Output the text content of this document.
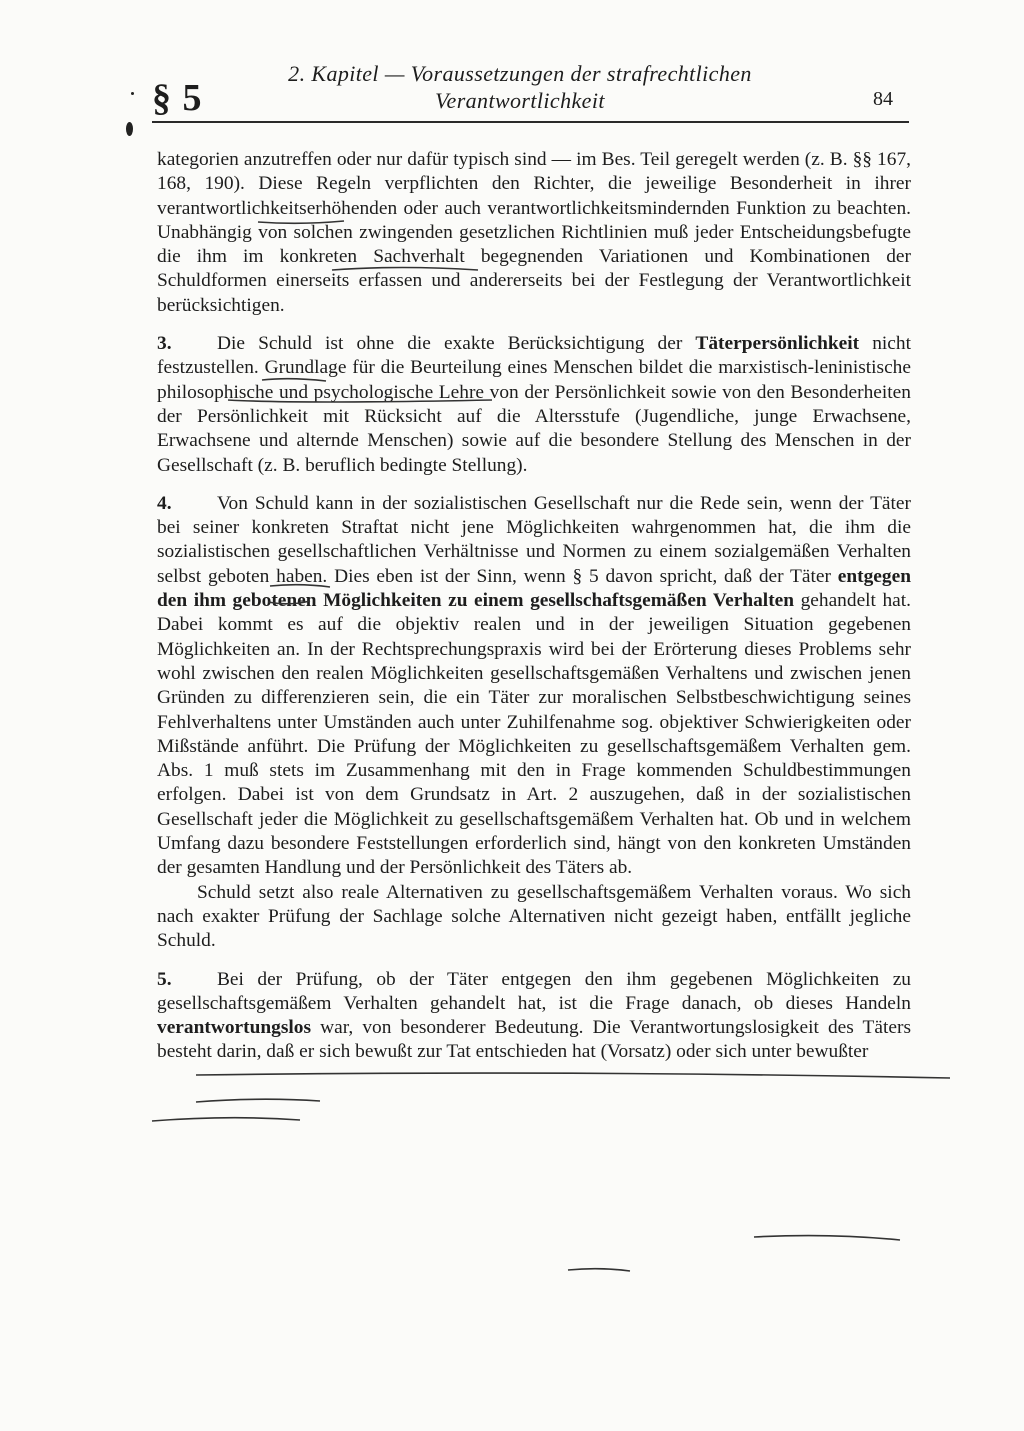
§ 5
2. Kapitel — Voraussetzungen der strafrechtlichen
Verantwortlichkeit	84

kategorien anzutreffen oder nur dafür typisch sind — im Bes. Teil geregelt werden (z. B. §§ 167, 168, 190). Diese Regeln verpflichten den Richter, die jeweilige Besonderheit in ihrer verantwortlichkeitserhöhenden oder auch verantwortlichkeitsmindernden Funktion zu beachten. Unabhängig von solchen zwingenden gesetzlichen Richtlinien muß jeder Entscheidungsbefugte die ihm im konkreten Sachverhalt begegnenden Variationen und Kombinationen der Schuldformen einerseits erfassen und andererseits bei der Festlegung der Verantwortlichkeit berücksichtigen.

3. Die Schuld ist ohne die exakte Berücksichtigung der Täterpersönlichkeit nicht festzustellen. Grundlage für die Beurteilung eines Menschen bildet die marxistisch-leninistische philosophische und psychologische Lehre von der Persönlichkeit sowie von den Besonderheiten der Persönlichkeit mit Rücksicht auf die Altersstufe (Jugendliche, junge Erwachsene, Erwachsene und alternde Menschen) sowie auf die besondere Stellung des Menschen in der Gesellschaft (z. B. beruflich bedingte Stellung).

4. Von Schuld kann in der sozialistischen Gesellschaft nur die Rede sein, wenn der Täter bei seiner konkreten Straftat nicht jene Möglichkeiten wahrgenommen hat, die ihm die sozialistischen gesellschaftlichen Verhältnisse und Normen zu einem sozialgemäßen Verhalten selbst geboten haben. Dies eben ist der Sinn, wenn § 5 davon spricht, daß der Täter entgegen den ihm gebotenen Möglichkeiten zu einem gesellschaftsgemäßen Verhalten gehandelt hat. Dabei kommt es auf die objektiv realen und in der jeweiligen Situation gegebenen Möglichkeiten an. In der Rechtsprechungspraxis wird bei der Erörterung dieses Problems sehr wohl zwischen den realen Möglichkeiten gesellschaftsgemäßen Verhaltens und zwischen jenen Gründen zu differenzieren sein, die ein Täter zur moralischen Selbstbeschwichtigung seines Fehlverhaltens unter Umständen auch unter Zuhilfenahme sog. objektiver Schwierigkeiten oder Mißstände anführt. Die Prüfung der Möglichkeiten zu gesellschaftsgemäßem Verhalten gem. Abs. 1 muß stets im Zusammenhang mit den in Frage kommenden Schuldbestimmungen erfolgen. Dabei ist von dem Grundsatz in Art. 2 auszugehen, daß in der sozialistischen Gesellschaft jeder die Möglichkeit zu gesellschaftsgemäßem Verhalten hat. Ob und in welchem Umfang dazu besondere Feststellungen erforderlich sind, hängt von den konkreten Umständen der gesamten Handlung und der Persönlichkeit des Täters ab.

Schuld setzt also reale Alternativen zu gesellschaftsgemäßem Verhalten voraus. Wo sich nach exakter Prüfung der Sachlage solche Alternativen nicht gezeigt haben, entfällt jegliche Schuld.

5. Bei der Prüfung, ob der Täter entgegen den ihm gegebenen Möglichkeiten zu gesellschaftsgemäßem Verhalten gehandelt hat, ist die Frage danach, ob dieses Handeln verantwortungslos war, von besonderer Bedeutung. Die Verantwortungslosigkeit des Täters besteht darin, daß er sich bewußt zur Tat entschieden hat (Vorsatz) oder sich unter bewußter
